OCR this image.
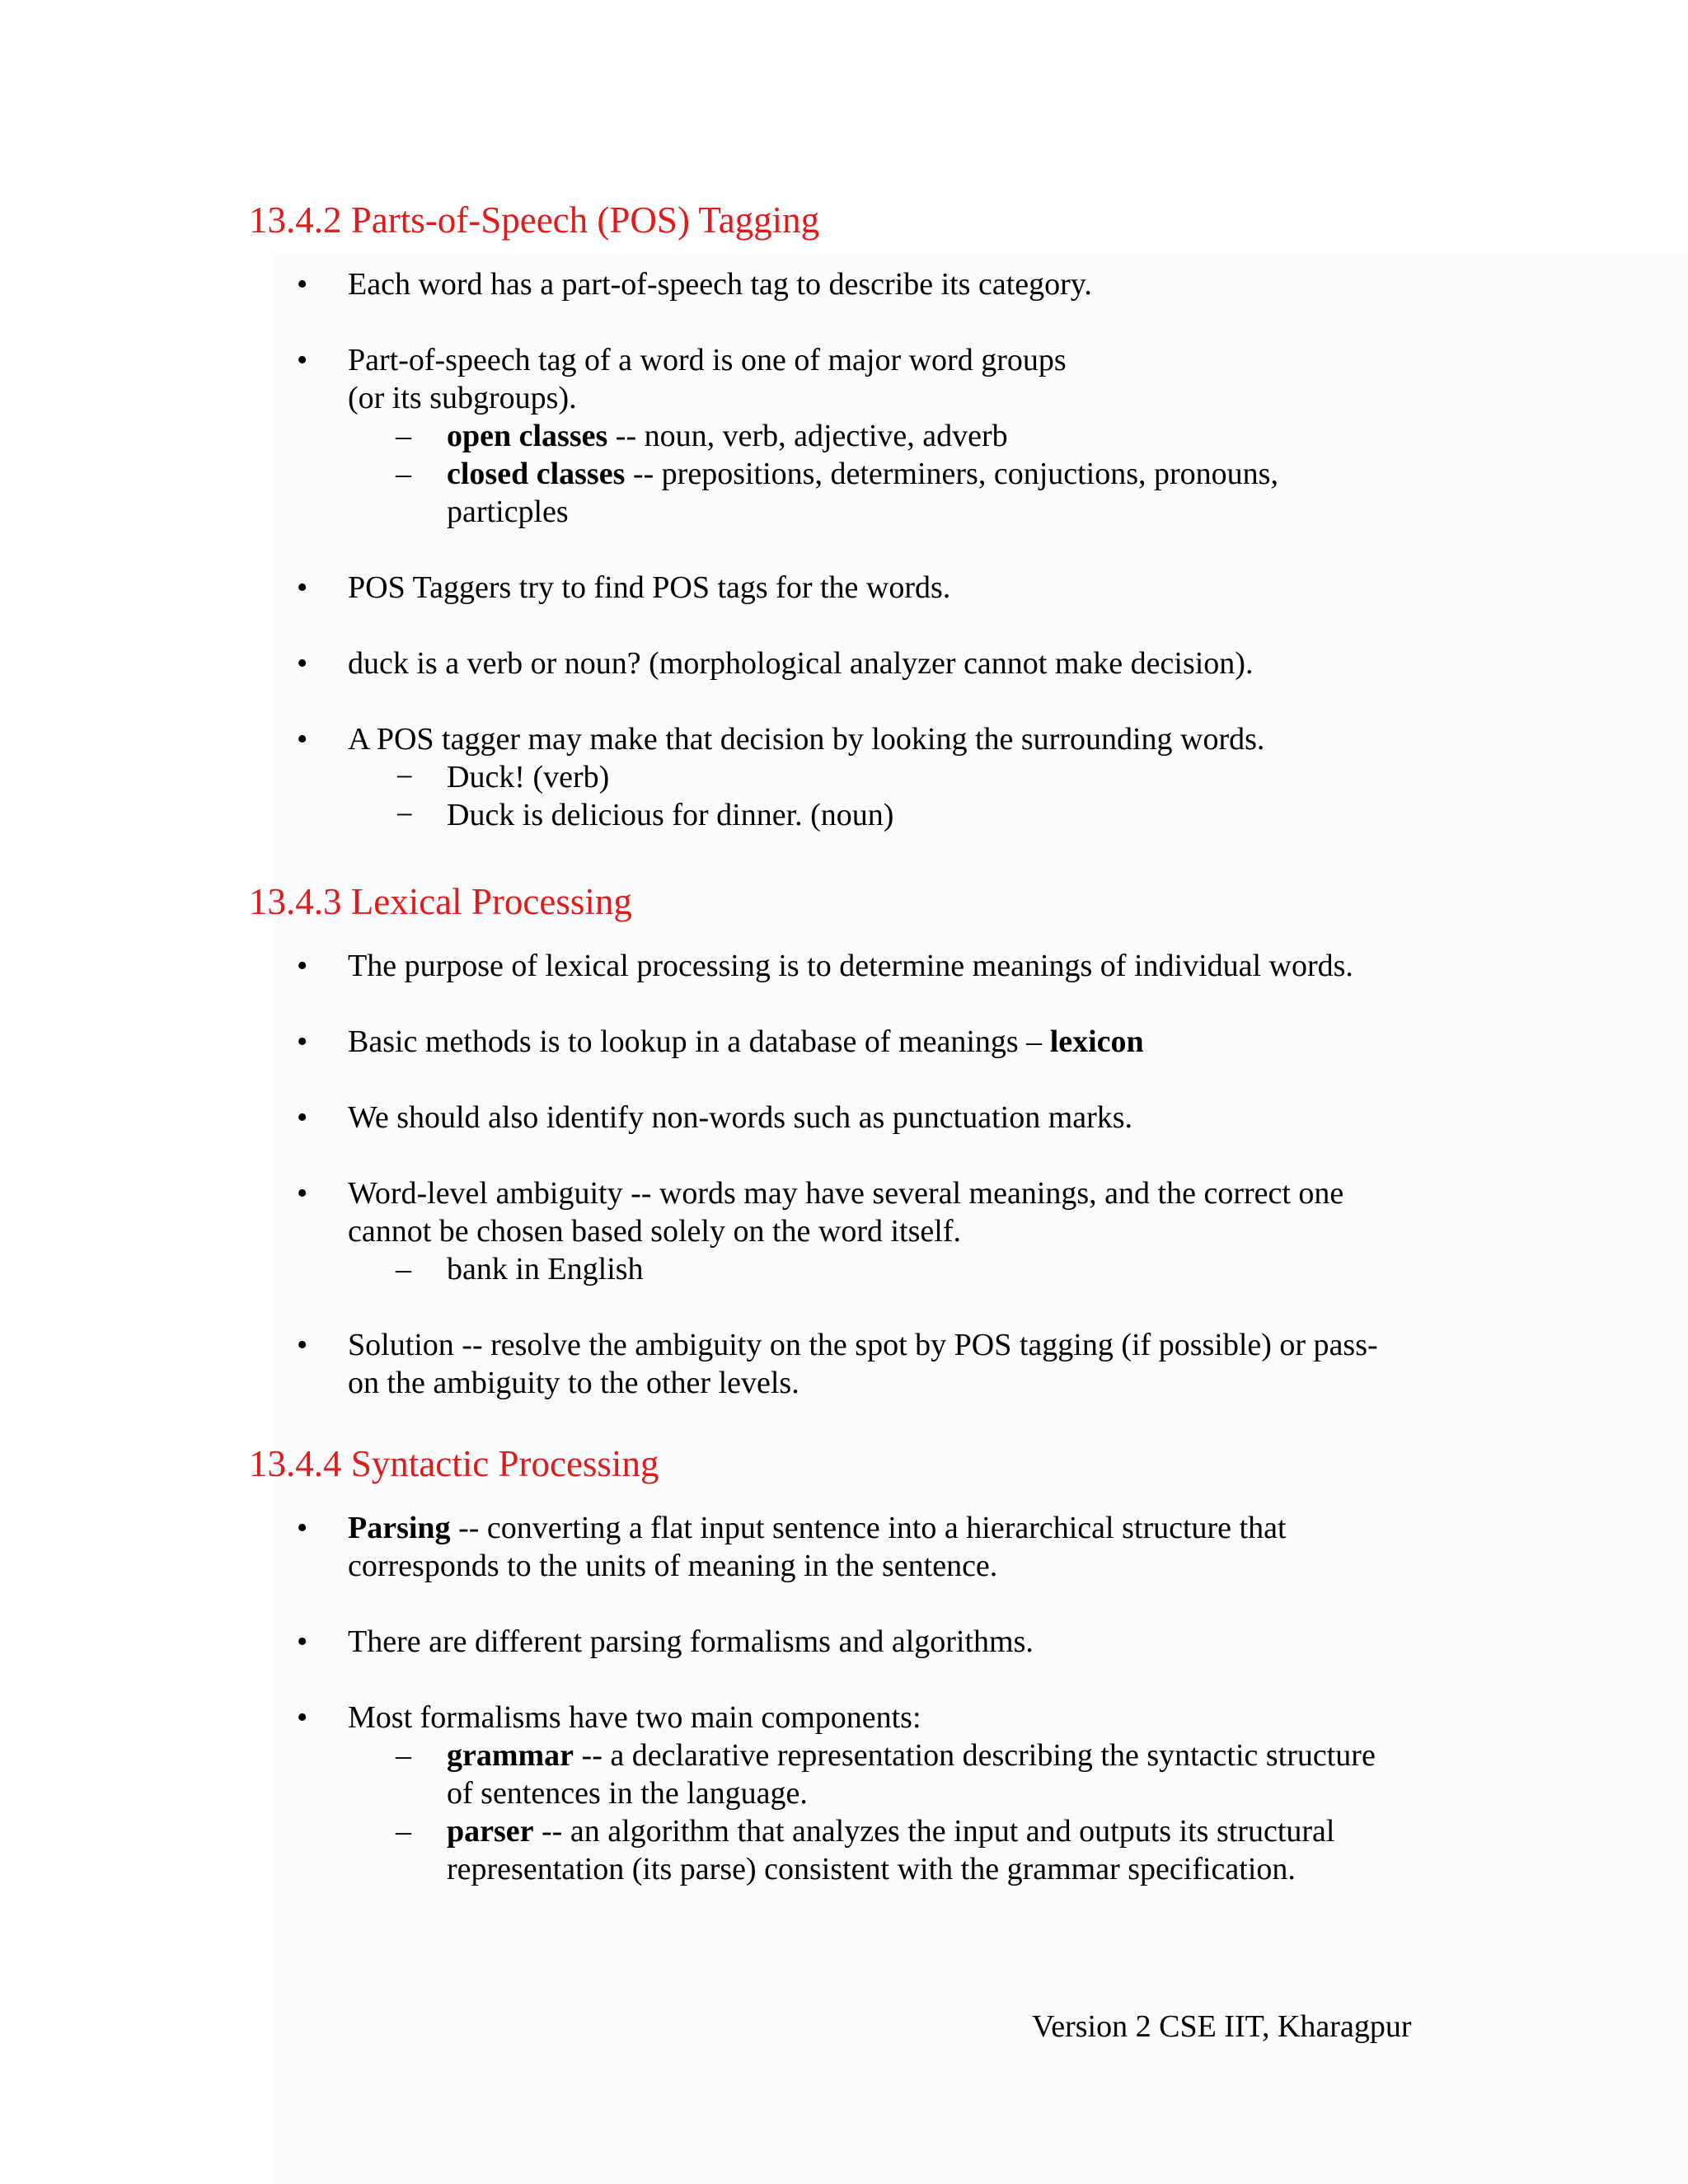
13.4.2 Parts-of-Speech (POS) Tagging
• Each word has a part-of-speech tag to describe its category.

• Part-of-speech tag of a word is one of major word groups

(or its subgroups).

– open classes -- noun, verb, adjective, adverb

– closed classes -- prepositions, determiners, conjuctions, pronouns,

particples

• POS Taggers try to find POS tags for the words.

• duck is a verb or noun? (morphological analyzer cannot make decision).

• A POS tagger may make that decision by looking the surrounding words.

− Duck! (verb)

− Duck is delicious for dinner. (noun)

13.4.3 Lexical Processing
• The purpose of lexical processing is to determine meanings of individual words.

• Basic methods is to lookup in a database of meanings – lexicon

• We should also identify non-words such as punctuation marks.

• Word-level ambiguity -- words may have several meanings, and the correct one

cannot be chosen based solely on the word itself.

– bank in English

• Solution -- resolve the ambiguity on the spot by POS tagging (if possible) or pass-

on the ambiguity to the other levels.

13.4.4 Syntactic Processing
• Parsing -- converting a flat input sentence into a hierarchical structure that

corresponds to the units of meaning in the sentence.

• There are different parsing formalisms and algorithms.

• Most formalisms have two main components:

– grammar -- a declarative representation describing the syntactic structure

of sentences in the language.

– parser -- an algorithm that analyzes the input and outputs its structural

representation (its parse) consistent with the grammar specification.

Version 2 CSE IIT, Kharagpur
